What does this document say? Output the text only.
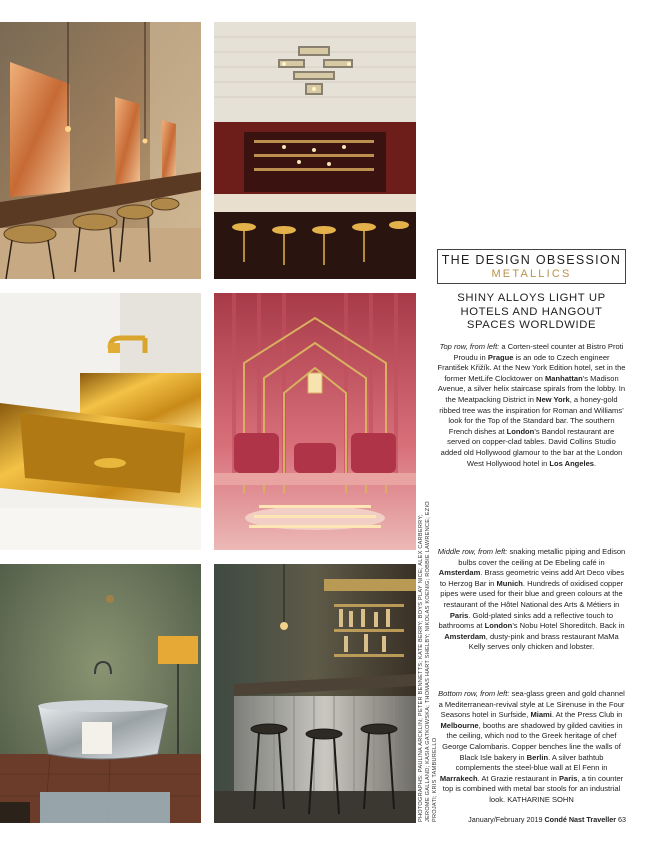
PHOTOGRAPHS: PAULINA ARCKLIN; PETER BENNETTS; KATE BERRY; BOYS PLAY NICE; ALEX CARBERRY; JEROME GALLAND; KASIA GATKOWSKA; THOMAS HART SHELBY; NIKOLAS KOENIG; ROBBIE LAWRENCE; EZIO PROJATI; KRIS TAMBURELLO
THE DESIGN OBSESSION
METALLICS
SHINY ALLOYS LIGHT UP HOTELS AND HANGOUT SPACES WORLDWIDE

Top row, from left: a Corten-steel counter at Bistro Proti Proudu in Prague is an ode to Czech engineer František Křižík. At the New York Edition hotel, set in the former MetLife Clocktower on Manhattan’s Madison Avenue, a silver helix staircase spirals from the lobby. In the Meatpacking District in New York, a honey-gold ribbed tree was the inspiration for Roman and Williams’ look for the Top of the Standard bar. The southern French dishes at London’s Bandol restaurant are served on copper-clad tables. David Collins Studio added old Hollywood glamour to the bar at the London West Hollywood hotel in Los Angeles.

Middle row, from left: snaking metallic piping and Edison bulbs cover the ceiling at De Ebeling café in Amsterdam. Brass geometric veins add Art Deco vibes to Herzog Bar in Munich. Hundreds of oxidised copper pipes were used for their blue and green colours at the restaurant of the Hôtel National des Arts & Métiers in Paris. Gold-plated sinks add a reflective touch to bathrooms at London’s Nobu Hotel Shoreditch. Back in Amsterdam, dusty-pink and brass restaurant MaMa Kelly serves only chicken and lobster.

Bottom row, from left: sea-glass green and gold channel a Mediterranean-revival style at Le Sirenuse in the Four Seasons hotel in Surfside, Miami. At the Press Club in Melbourne, booths are shadowed by gilded cavities in the ceiling, which nod to the Greek heritage of chef George Calombaris. Copper benches line the walls of Black Isle bakery in Berlin. A silver bathtub complements the steel-blue wall at El Fenn in Marrakech. At Grazie restaurant in Paris, a tin counter top is combined with metal bar stools for an industrial look. KATHARINE SOHN

January/February 2019 Condé Nast Traveller 63
